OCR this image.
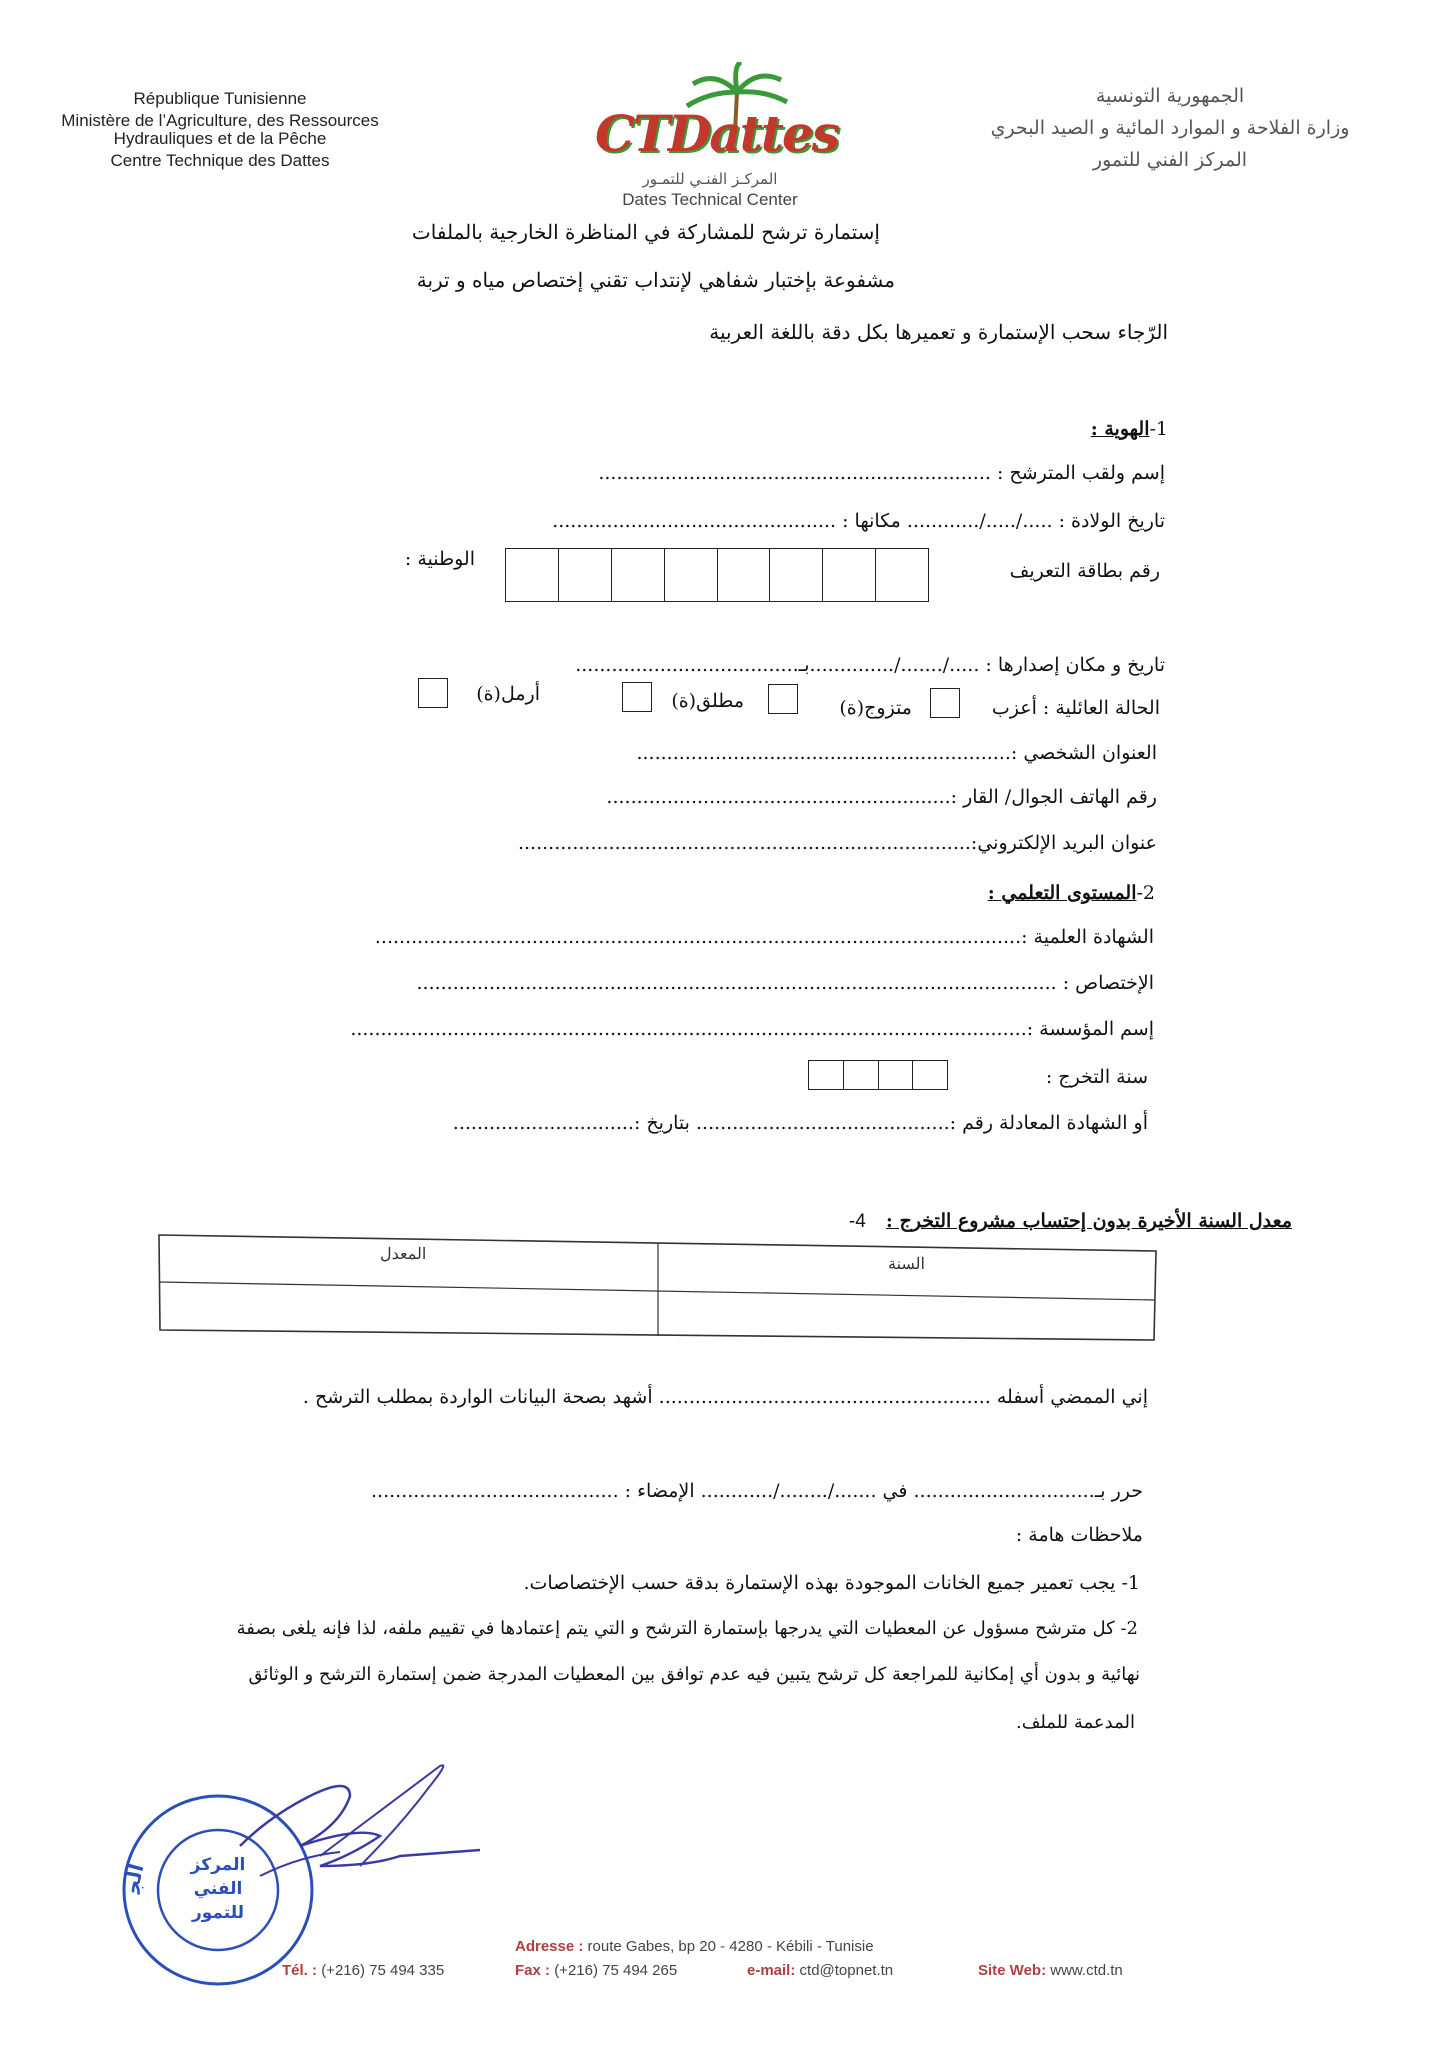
République Tunisienne
Ministère de l’Agriculture, des Ressources
Hydrauliques et de la Pêche
Centre Technique des Dattes	CTDattes
المركـز الفنـي للتمـور
Dates Technical Center
الجمهورية التونسية
وزارة الفلاحة و الموارد المائية و الصيد البحري
المركز الفني للتمور
إستمارة ترشح للمشاركة في المناظرة الخارجية بالملفات
مشفوعة بإختبار شفاهي لإنتداب تقني إختصاص مياه و تربة
الرّجاء سحب الإستمارة و تعميرها بكل دقة باللغة العربية
1-الهوية :
إسم ولقب المترشح : .................................................................
تاريخ الولادة : ...../...../............ مكانها : ...............................................
رقم بطاقة التعريف
الوطنية :
تاريخ و مكان إصدارها : ...../......./..............بـ.....................................
الحالة العائلية : أعزب
متزوج(ة)
مطلق(ة)
أرمل(ة)
العنوان الشخصي :..............................................................
رقم الهاتف الجوال/ القار :.........................................................
عنوان البريد الإلكتروني:...........................................................................
2-المستوى التعلمي :
الشهادة العلمية :...........................................................................................................
الإختصاص : ..........................................................................................................
إسم المؤسسة :................................................................................................................
سنة التخرج :
أو الشهادة المعادلة رقم :.......................................... بتاريخ :..............................
معدل السنة الأخيرة بدون إحتساب مشروع التخرج : 4-
السنة
المعدل
إني الممضي أسفله ....................................................... أشهد بصحة البيانات الواردة بمطلب الترشح .
حرر بـ.............................. في ......./......../............ الإمضاء : .........................................
ملاحظات هامة :
1- يجب تعمير جميع الخانات الموجودة بهذه الإستمارة بدقة حسب الإختصاصات.
2- كل مترشح مسؤول عن المعطيات التي يدرجها بإستمارة الترشح و التي يتم إعتمادها في تقييم ملفه، لذا فإنه يلغى بصفة
نهائية و بدون أي إمكانية للمراجعة كل ترشح يتبين فيه عدم توافق بين المعطيات المدرجة ضمن إستمارة الترشح و الوثائق
المدعمة للملف.
الج
المركز
الفني
للتمور
Adresse : route Gabes, bp 20 - 4280 - Kébili - Tunisie
Tél. : (+216) 75 494 335	Fax : (+216) 75 494 265	e-mail: ctd@topnet.tn	Site Web: www.ctd.tn
